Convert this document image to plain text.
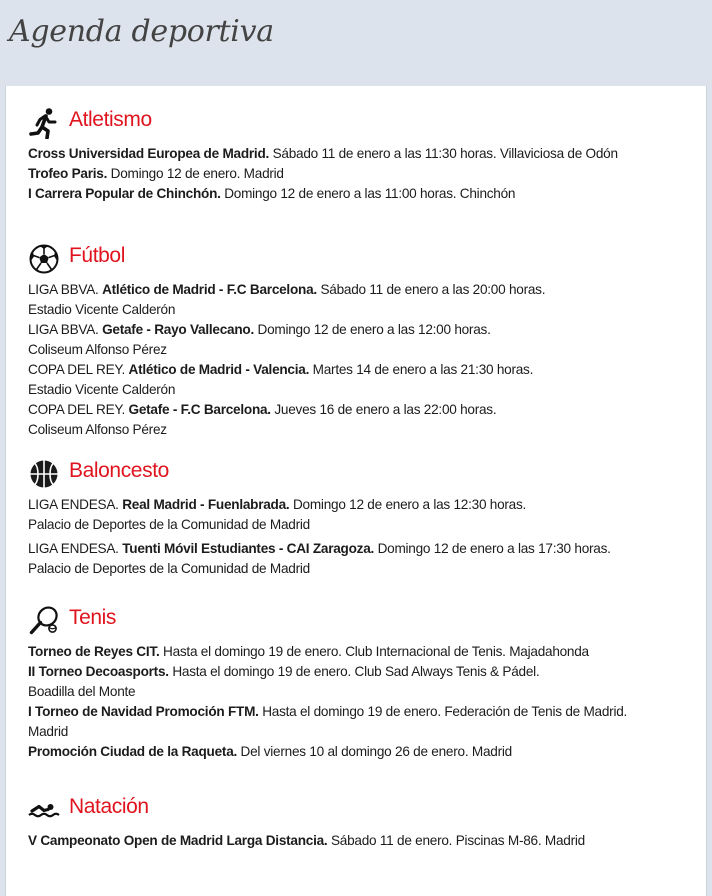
Agenda deportiva
Atletismo
Cross Universidad Europea de Madrid. Sábado 11 de enero a las 11:30 horas. Villaviciosa de Odón
Trofeo Paris. Domingo 12 de enero. Madrid
I Carrera Popular de Chinchón. Domingo 12 de enero a las 11:00 horas. Chinchón
Fútbol
LIGA BBVA. Atlético de Madrid - F.C Barcelona. Sábado 11 de enero a las 20:00 horas.
Estadio Vicente Calderón
LIGA BBVA. Getafe - Rayo Vallecano. Domingo 12 de enero a las 12:00 horas.
Coliseum Alfonso Pérez
COPA DEL REY. Atlético de Madrid - Valencia. Martes 14 de enero a las 21:30 horas.
Estadio Vicente Calderón
COPA DEL REY. Getafe - F.C Barcelona. Jueves 16 de enero a las 22:00 horas.
Coliseum Alfonso Pérez
Baloncesto
LIGA ENDESA. Real Madrid - Fuenlabrada. Domingo 12 de enero a las 12:30 horas.
Palacio de Deportes de la Comunidad de Madrid
LIGA ENDESA. Tuenti Móvil Estudiantes - CAI Zaragoza. Domingo 12 de enero a las 17:30 horas.
Palacio de Deportes de la Comunidad de Madrid
Tenis
Torneo de Reyes CIT. Hasta el domingo 19 de enero. Club Internacional de Tenis. Majadahonda
II Torneo Decoasports. Hasta el domingo 19 de enero. Club Sad Always Tenis & Pádel.
Boadilla del Monte
I Torneo de Navidad Promoción FTM. Hasta el domingo 19 de enero. Federación de Tenis de Madrid.
Madrid
Promoción Ciudad de la Raqueta. Del viernes 10 al domingo 26 de enero. Madrid
Natación
V Campeonato Open de Madrid Larga Distancia. Sábado 11 de enero. Piscinas M-86. Madrid
